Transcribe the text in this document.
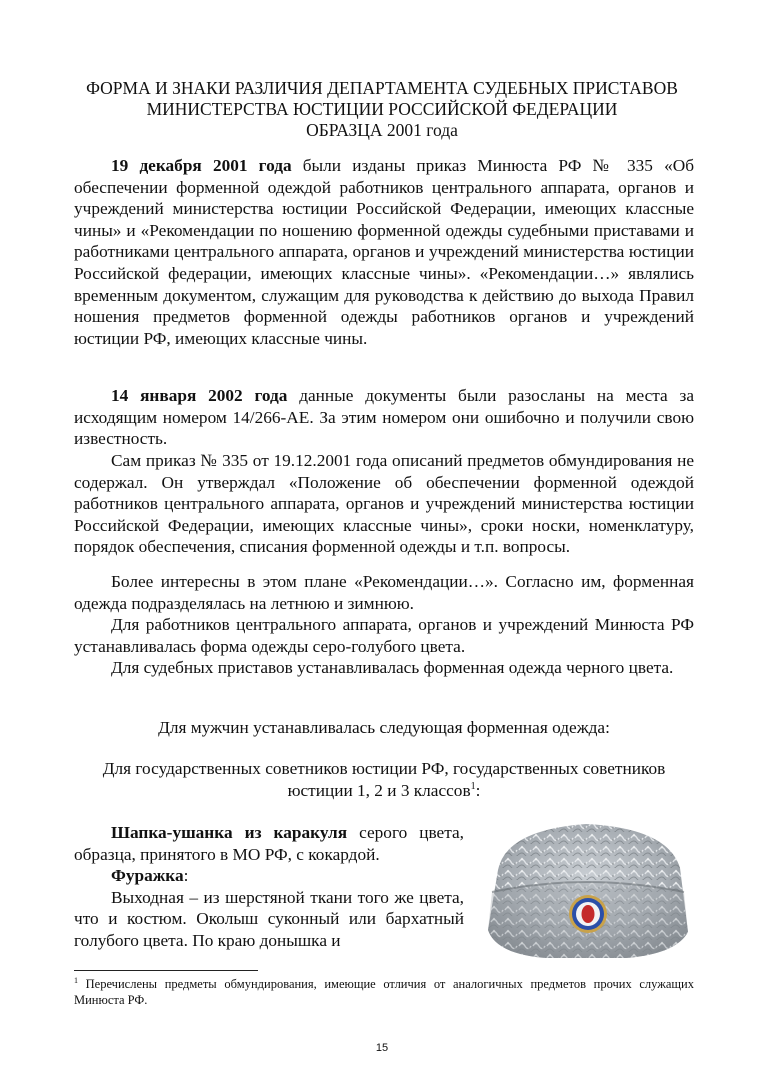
ФОРМА И ЗНАКИ РАЗЛИЧИЯ ДЕПАРТАМЕНТА СУДЕБНЫХ ПРИСТАВОВ
МИНИСТЕРСТВА ЮСТИЦИИ РОССИЙСКОЙ ФЕДЕРАЦИИ
ОБРАЗЦА 2001 года
19 декабря 2001 года были изданы приказ Минюста РФ № 335 «Об обеспечении форменной одеждой работников центрального аппарата, органов и учреждений министерства юстиции Российской Федерации, имеющих классные чины» и «Рекомендации по ношению форменной одежды судебными приставами и работниками центрального аппарата, органов и учреждений министерства юстиции Российской федерации, имеющих классные чины». «Рекомендации…» являлись временным документом, служащим для руководства к действию до выхода Правил ношения предметов форменной одежды работников органов и учреждений юстиции РФ, имеющих классные чины.
14 января 2002 года данные документы были разосланы на места за исходящим номером 14/266-АЕ. За этим номером они ошибочно и получили свою известность.
Сам приказ № 335 от 19.12.2001 года описаний предметов обмундирования не содержал. Он утверждал «Положение об обеспечении форменной одеждой работников центрального аппарата, органов и учреждений министерства юстиции Российской Федерации, имеющих классные чины», сроки носки, номенклатуру, порядок обеспечения, списания форменной одежды и т.п. вопросы.
Более интересны в этом плане «Рекомендации…». Согласно им, форменная одежда подразделялась на летнюю и зимнюю.
Для работников центрального аппарата, органов и учреждений Минюста РФ устанавливалась форма одежды серо-голубого цвета.
Для судебных приставов устанавливалась форменная одежда черного цвета.
Для мужчин устанавливалась следующая форменная одежда:
Для государственных советников юстиции РФ, государственных советников
юстиции 1, 2 и 3 классов$^1$:

Шапка-ушанка из каракуля серого цвета, образца, принятого в МО РФ, с кокардой.

Фуражка:

Выходная – из шерстяной ткани того же цвета, что и костюм. Околыш суконный или бархатный голубого цвета. По краю донышка и

$^1$ Перечислены предметы обмундирования, имеющие отличия от аналогичных предметов прочих служащих Минюста РФ.
15
